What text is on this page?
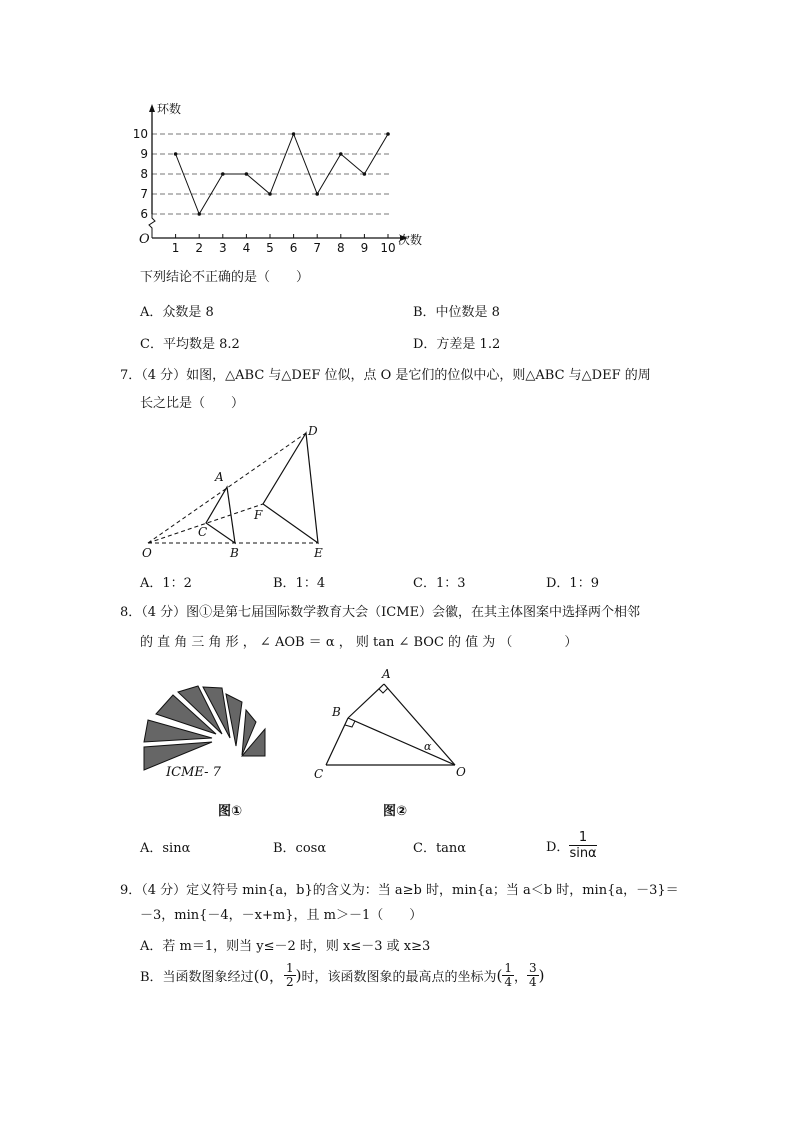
环数
次数
O
6
7
8
9
10
1 2 3 4 5 6 7 8 9 10
下列结论不正确的是（　　）
A．众数是 8	B．中位数是 8
C．平均数是 8.2	D．方差是 1.2
7．（4 分）如图，△ABC 与△DEF 位似，点 O 是它们的位似中心，则△ABC 与△DEF 的周
长之比是（　　）
O
A
B
C
D
E
F
A．1：2	B．1：4	C．1：3	D．1：9
8．（4 分）图①是第七届国际数学教育大会（ICME）会徽，在其主体图案中选择两个相邻
的 直 角 三 角 形 ， ∠ AOB ＝ α ， 则 tan ∠ BOC 的 值 为 （　　　　）
ICME- 7
图①
A
B
C	O
α
图②
A．sinα	B．cosα	C．tanα	D． $\frac{1}{\sin\alpha}$
9．（4 分）定义符号 min{a，b}的含义为：当 a≥b 时，min{a；当 a＜b 时，min{a，－3}＝
－3，min{－4，－x+m}，且 m＞－1（　　）
A．若 m＝1，则当 y≤－2 时，则 x≤－3 或 x≥3
B．当函数图象经过(0， $\frac{1}{2}$ )时，该函数图象的最高点的坐标为( $\frac{1}{4}$ ， $\frac{3}{4}$ )
